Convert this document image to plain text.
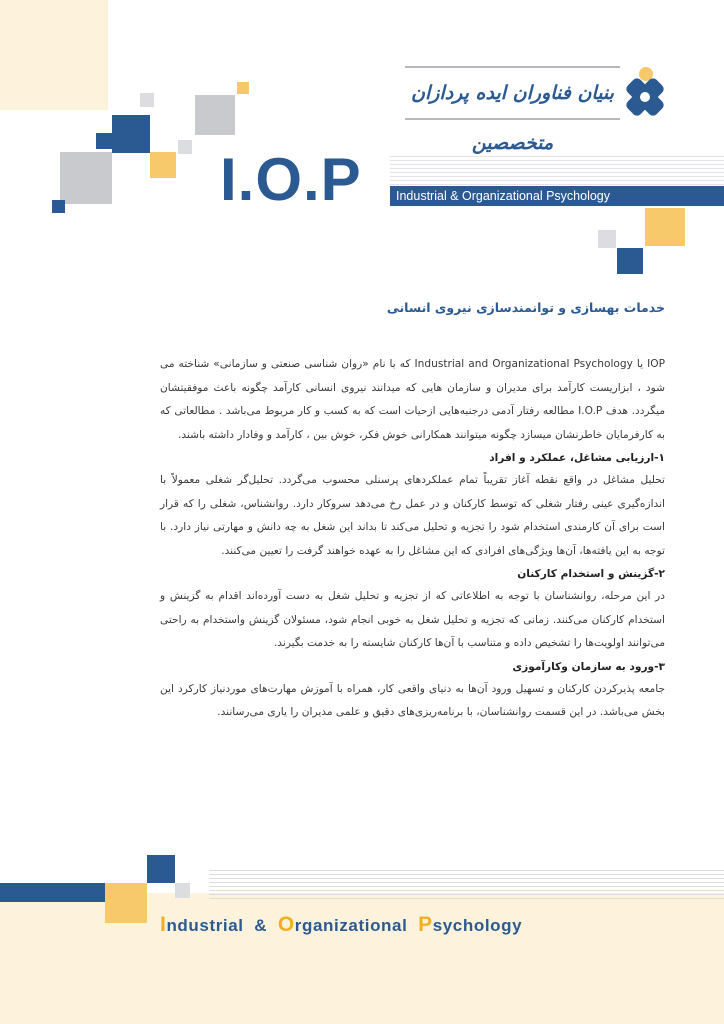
I.O.P
بنیان فناوران ایده پردازان متخصصین
Industrial & Organizational Psychology
خدمات بهسازی و توانمندسازی نیروی انسانی

IOP یا Industrial and Organizational Psychology که با نام «روان شناسی صنعتی و سازمانی» شناخته می شود ، ابزاریست کارآمد برای مدیران و سازمان هایی که میدانند نیروی انسانی کارآمد چگونه باعث موفقیتشان میگردد. هدف I.O.P مطالعه رفتار آدمی درجنبه‌هایی ازحیات است که به کسب و کار مربوط می‌باشد . مطالعاتی که به کارفرمایان خاطرنشان میسازد چگونه میتوانند همکارانی خوش فکر، خوش بین ، کارآمد و وفادار داشته باشند.

۱-ارزیابی مشاغل، عملکرد و افراد

تحلیل مشاغل در واقع نقطه آغاز تقریباً تمام عملکردهای پرسنلی محسوب می‌گردد. تحلیل‌گر شغلی معمولاً با اندازه‌گیری عینی رفتار شغلی که توسط کارکنان و در عمل رخ می‌دهد سروکار دارد. روانشناس، شغلی را که قرار است برای آن کارمندی استخدام شود را تجزیه و تحلیل می‌کند تا بداند این شغل به چه دانش و مهارتی نیاز دارد. با توجه به این یافته‌ها، آن‌ها ویژگی‌های افرادی که این مشاغل را به عهده خواهند گرفت را تعیین می‌کنند.

۲-گزینش و استخدام کارکنان

در این مرحله، روانشناسان با توجه به اطلاعاتی که از تجزیه و تحلیل شغل به دست آورده‌اند اقدام به گزینش و استخدام کارکنان می‌کنند. زمانی که تجزیه و تحلیل شغل به خوبی انجام شود، مسئولان گزینش واستخدام به راحتی می‌توانند اولویت‌ها را تشخیص داده و متناسب با آن‌ها کارکنان شایسته را به خدمت بگیرند.

۳-ورود به سازمان وکارآموزی

جامعه پذیرکردن کارکنان و تسهیل ورود آن‌ها به دنیای واقعی کار، همراه با آموزش مهارت‌های موردنیاز کارکرد این بخش می‌باشد. در این قسمت روانشناسان، با برنامه‌ریزی‌های دقیق و علمی مدیران را یاری می‌رسانند.

Industrial & Organizational Psychology
